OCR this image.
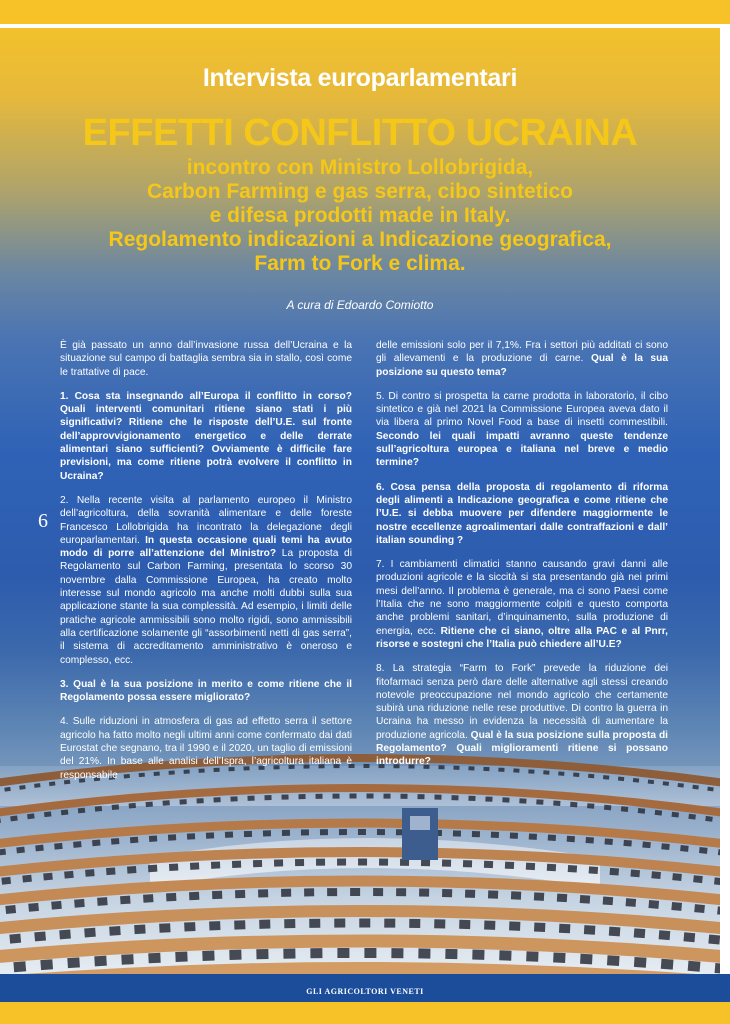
Intervista europarlamentari
EFFETTI CONFLITTO UCRAINA
incontro con Ministro Lollobrigida,
Carbon Farming e gas serra, cibo sintetico
e difesa prodotti made in Italy.
Regolamento indicazioni a Indicazione geografica,
Farm to Fork e clima.
A cura di Edoardo Comiotto
6

È già passato un anno dall’invasione russa dell’Ucraina e la situazione sul campo di battaglia sembra sia in stallo, così come le trattative di pace.

1. Cosa sta insegnando all’Europa il conflitto in corso? Quali interventi comunitari ritiene siano stati i più significativi? Ritiene che le risposte dell’U.E. sul fronte dell’approvvigionamento energetico e delle derrate alimentari siano sufficienti? Ovviamente è difficile fare previsioni, ma come ritiene potrà evolvere il conflitto in Ucraina?

2. Nella recente visita al parlamento europeo il Ministro dell’agricoltura, della sovranità alimentare e delle foreste Francesco Lollobrigida ha incontrato la delegazione degli europarlamentari. In questa occasione quali temi ha avuto modo di porre all’attenzione del Ministro? La proposta di Regolamento sul Carbon Farming, presentata lo scorso 30 novembre dalla Commissione Europea, ha creato molto interesse sul mondo agricolo ma anche molti dubbi sulla sua applicazione stante la sua complessità. Ad esempio, i limiti delle pratiche agricole ammissibili sono molto rigidi, sono ammissibili alla certificazione solamente gli “assorbimenti netti di gas serra”, il sistema di accreditamento amministrativo è oneroso e complesso, ecc.

3. Qual è la sua posizione in merito e come ritiene che il Regolamento possa essere migliorato?

4. Sulle riduzioni in atmosfera di gas ad effetto serra il settore agricolo ha fatto molto negli ultimi anni come confermato dai dati Eurostat che segnano, tra il 1990 e il 2020, un taglio di emissioni del 21%. In base alle analisi dell’Ispra, l’agricoltura italiana è responsabile

delle emissioni solo per il 7,1%. Fra i settori più additati ci sono gli allevamenti e la produzione di carne. Qual è la sua posizione su questo tema?

5. Di contro si prospetta la carne prodotta in laboratorio, il cibo sintetico e già nel 2021 la Commissione Europea aveva dato il via libera al primo Novel Food a base di insetti commestibili. Secondo lei quali impatti avranno queste tendenze sull’agricoltura europea e italiana nel breve e medio termine?

6. Cosa pensa della proposta di regolamento di riforma degli alimenti a Indicazione geografica e come ritiene che l’U.E. si debba muovere per difendere maggiormente le nostre eccellenze agroalimentari dalle contraffazioni e dall’ italian sounding ?

7. I cambiamenti climatici stanno causando gravi danni alle produzioni agricole e la siccità si sta presentando già nei primi mesi dell’anno. Il problema è generale, ma ci sono Paesi come l’Italia che ne sono maggiormente colpiti e questo comporta anche problemi sanitari, d’inquinamento, sulla produzione di energia, ecc. Ritiene che ci siano, oltre alla PAC e al Pnrr, risorse e sostegni che l’Italia può chiedere all’U.E?

8. La strategia “Farm to Fork” prevede la riduzione dei fitofarmaci senza però dare delle alternative agli stessi creando notevole preoccupazione nel mondo agricolo che certamente subirà una riduzione nelle rese produttive. Di contro la guerra in Ucraina ha messo in evidenza la necessità di aumentare la produzione agricola. Qual è la sua posizione sulla proposta di Regolamento? Quali miglioramenti ritiene si possano introdurre?

GLI AGRICOLTORI VENETI
